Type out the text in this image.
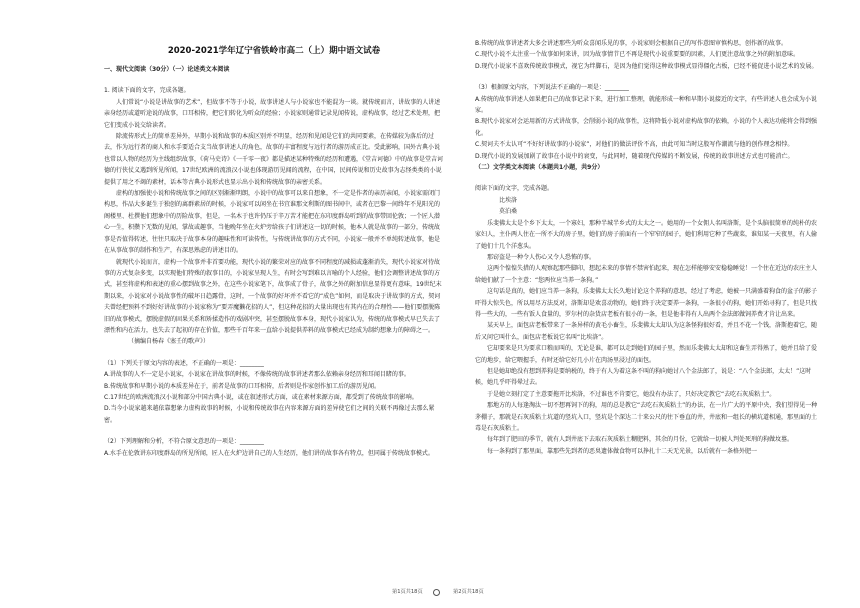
2020-2021学年辽宁省铁岭市高二（上）期中语文试卷
一、现代文阅读（30分）（一）论述类文本阅读

1. 阅读下面的文字，完成各题。

人们常说“小说是讲故事的艺术”，但故事不等于小说，故事讲述人与小说家也不能混为一谈。就传统而言，讲故事的人讲述亲身经历或道听途说的故事，口耳相传，把它们转化为听众的经验；小说家则通常记录见闻传说，虚构故事，经过艺术处理，把它们变成小说交给读者。

除流传形式上的简单差异外，早期小说和故事的本质区别并不明显，经历和见闻是它们的共同要素，在传媒较为落后的过去，作为远行者的商人和水手要适合支当故事讲述人的角色，故事的丰富程度与远行者的游历成正比。受此影响，国外古典小说也常以人物的经历为主线组织故事，《荷马史诗》《一千零一夜》都是描述某种特殊的经历和遭遇，《堂吉诃德》中的故事是堂吉诃德的行侠仗义遇到所见所闻，17世纪欧洲的流浪汉小说也体现游历见闻的流程，在中国，民间传说和历史故事为志怪类类的小说提供了用之不竭的素材，话本等古典小说形式也显示出小说和传统故事的亲密关系。

虚构的加强使小说和传统故事之间的区别渐渐明朗，小说中的故事可以来自想象，不一定是作者的亲历亲闻，小说家需闭门构思，作品大多诞生于独创的离群素居的时候，小说家可以闲坐在书宜谁那文利斯的图书间中，或者在巴黎一间终年不见阳光的阁楼里、杜撰他们想象中的历险故事，但是，一名木于也许仍压于辛万苦才能把在东印度群岛听到的故事带回伦敦；一个匠人潜心一生，积攒下无数的见闻，掌故或趣事，当他晚年坐在火炉旁给孩子们讲述这一切的时候，他本人就是故事的一部分，传统故事是否值得转述，往往只取决于故事本身的趣味性和可读传性，与传统讲故事的方式不同，小说家一般并不单纯转述故事，他是在从事故事的制作和生产，有深思熟虑的讲述目的。

就现代小说而言，虚构一个故事并非首要功能，现代小说的繁荣对应的故事不同程度的减损或蓬渐消失，现代小说家对待故事的方式复杂多变，以实现他们特殊的叙事目的，小说家呈现人生，有时会写到难以言喻的个人经验，他们会调整讲述故事的方式，甚至将虚构和表述的重心摆到故事之外，在这些小说家笔下，故事成了骨子，故事之外的附加信息显得更有意味，19世纪末期以来，小说家对小说故事性的破坏日趋露骨，这时，一个故事的好坏并不看它的“成色”如何，而是取决于讲故事的方式，契诃夫曾经把预料不到好好讲故事的小说家称为“要弄魔獭花招的人”，但这种花招的大量出现也有其内在的合理性——他们要摆脱陈旧的故事模式，摆脱虚假的固果关系和矫揉造作的戏剧冲突，甚至摆脱故事本身，现代小说家认为，传统的故事模式早已失去了漂性和内在活力，也失去了起初的存在价值，那些千百年来一直给小说提供养料的故事模式已经成为制约想象力的障碍之一。

（摘编自杨春《塞壬的歌声》）

（1）下列关于原文内容的表述，不正确的一项是：________

A.讲故事的人不一定是小说家，小说家在讲故事的时候，不像传统的故事讲述者那么依赖亲身经历和耳闻目睹的事。

B.传统故事和早期小说的本质差异在于，前者是故事的口耳相传，后者则是作家创作加工后的游历见闻。

C.17世纪的欧洲流浪汉小说和部分中国古典小说，或在叙述形式方面，或在素材来源方面，都受到了传统故事的影响。

D.当今小说家越来越依靠想象力虚构故事的时候，小说和传统故事在内容来源方面的差异使它们之间的关联不再像过去那么紧密。

（2）下列理解和分析，不符合原文意思的一项是：________

A.水手在伦敦讲东印度群岛的所见所闻，匠人在火炉边讲自己的人生经历，他们讲的故事各有特点，但同属于传统故事模式。

B.传统的故事讲述者大多会讲述那些为听众喜闻乐见的事，小说家则会根据自己的写作意图审慎构思，创作新的故事。

C.现代小说不太注重一个故事如何来讲，因为故事情节已不再是现代小说重要要的因素，人们更注意故事之外的附加意味。

D.现代小说家不喜欢传统故事模式，视它为绊脚石，是因为他们觉得这种故事模式显得僵化古板，已经不能促进小说艺术的发展。

（3）根据原文内容，下列说法不正确的一项是：________

A.传统的故事讲述人如果把自己的故事记录下来，进行加工整理，就能形成一种和早期小说接近的文字，有些讲述人也会成为小说家。

B.现代小说家对会运用新的方式讲故事，会削弱小说的故事性，这将降低小说对虚构故事的依赖，小说的个人表达功能将会得到强化。

C.契诃夫不太认可“不好好讲故事的小说家”，对他们的做法评价不高，由此可知当时这股写作潮流与他的创作理念相悖。

D.现代小说的发展加剧了故事在小说中的衰变，与此同时，随着现代传媒的不断发展，传统的故事讲述方式也可能消亡。

（二）文学类文本阅读（本题共1小题，共9分）

阅读下面的文字，完成各题。

比埃洛

莫泊桑

乐斐佛太太是个乡下太太，一个寡妇，那种半城半乡式的太太之一。她用的一个女佣人名叫洛斯，是个头脑很简单的纯朴的农家妇人，主仆两人住在一所不大的房子里，她们的房子前面有一个窄窄的园子，她们利用它种了些蔬菜，谁知某一天夜里，有人偷了她们十几个洋葱头。

那窃盗是一种令人伤心又令人恐怖的事。

这两个惶惶失措的人观察起那些脚印，想起未来的事情不禁害怕起来，现在怎样能够安安稳稳睡觉！一个住在近边的农庄主人给她们献了一个主意：“您两位应当养一条狗。”

这句话是真的，她们应当养一条狗，乐斐佛太太长久地讨论这个养狗的意思，经过了考虑，她被一只满盛着狗食的盆子的影子吓得大惊失色，所以用尽方法反对，洛斯却是欢喜动物的，她们终于决定要养一条狗，一条很小的狗，她们开始寻狗了，但是只找得一些大的，一些有饭人食量的，罗尔村的杂货店老板有很小的一条，但是他非得有人出两个金法郎做饲养费才肯让出来。

某天早上，面包店老板带来了一条异样的黄毛小畜生，乐斐佛太太却认为这条怪狗很好看，并且不花一个钱，洛斯抱着它，随后又问它叫什么，面包店老板说它名叫“比埃洛”。

它却要来是只为要求口粮而叫的，无论是谁，都可以走到她们的园子里，然而乐斐佛太太却和这畜生弄得熟了，她并且给了爱它的地步，给它喂握手，有时还给它好几小片在肉汤里浸过的面包。

但是她却绝没有想到养狗是要纳税的，终于有人为着这条不叫的狗向她讨八个金法郎了，说是：“八个金法郎，太太！”这时候，她几乎吓得晕过去。

于是她立刻打定了主意要拖开比埃洛，不过谁也不肯要它，她没有办法了，只好决定教它“去吃石灰质粘土”。

那地方的人每逢淘汰一切不想再饲下的狗，用的总是教它“去吃石灰质粘土”的办法，在一片广大的平原中央，我们望得见一种茅棚子，那就是石灰质粘土坑道的竖坑入口，竖坑是个深达二十来公尺的往下垂直的井，井底和一组长的横坑道相通，那里面的土毒是石灰质粘土。

每年到了肥田的季节，就有人到井底下去取石灰质粘土糊肥料，其余的月份，它就给一切被人判处死刑的狗做坟墓。

每一条狗到了那里面，靠那些先到者的恶臭遗体做食物可以挣扎十二天无光景，以后就有一条格外肥一

第1页共18页	第2页共18页
